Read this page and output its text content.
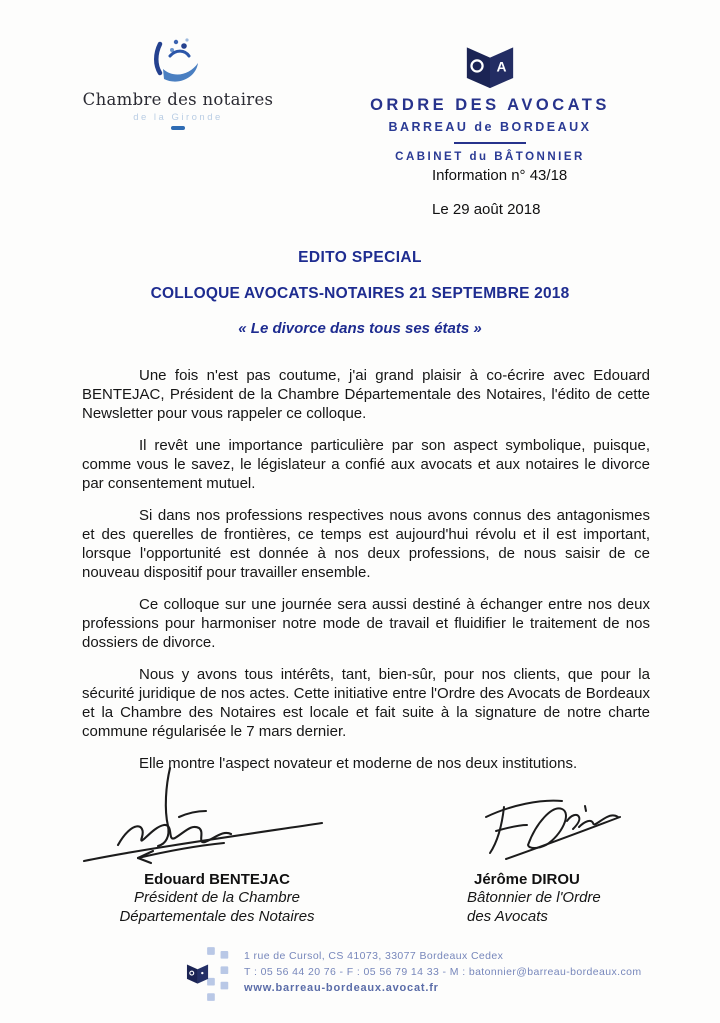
Chambre des notaires
de la Gironde
A
ORDRE DES AVOCATS
BARREAU de BORDEAUX
CABINET du BÂTONNIER
Information n° 43/18
Le 29 août 2018
EDITO SPECIAL
COLLOQUE AVOCATS-NOTAIRES 21 SEPTEMBRE 2018
« Le divorce dans tous ses états »

Une fois n'est pas coutume, j'ai grand plaisir à co-écrire avec Edouard BENTEJAC, Président de la Chambre Départementale des Notaires, l'édito de cette Newsletter pour vous rappeler ce colloque.

Il revêt une importance particulière par son aspect symbolique, puisque, comme vous le savez, le législateur a confié aux avocats et aux notaires le divorce par consentement mutuel.

Si dans nos professions respectives nous avons connus des antagonismes et des querelles de frontières, ce temps est aujourd'hui révolu et il est important, lorsque l'opportunité est donnée à nos deux professions, de nous saisir de ce nouveau dispositif pour travailler ensemble.

Ce colloque sur une journée sera aussi destiné à échanger entre nos deux professions pour harmoniser notre mode de travail et fluidifier le traitement de nos dossiers de divorce.

Nous y avons tous intérêts, tant, bien-sûr, pour nos clients, que pour la sécurité juridique de nos actes. Cette initiative entre l'Ordre des Avocats de Bordeaux et la Chambre des Notaires est locale et fait suite à la signature de notre charte commune régularisée le 7 mars dernier.

Elle montre l'aspect novateur et moderne de nos deux institutions.

Edouard BENTEJAC
Président de la Chambre
Départementale des Notaires
Jérôme DIROU
Bâtonnier de l'Ordre
des Avocats
1 rue de Cursol, CS 41073, 33077 Bordeaux Cedex
T : 05 56 44 20 76 - F : 05 56 79 14 33 - M : batonnier@barreau-bordeaux.com
www.barreau-bordeaux.avocat.fr
